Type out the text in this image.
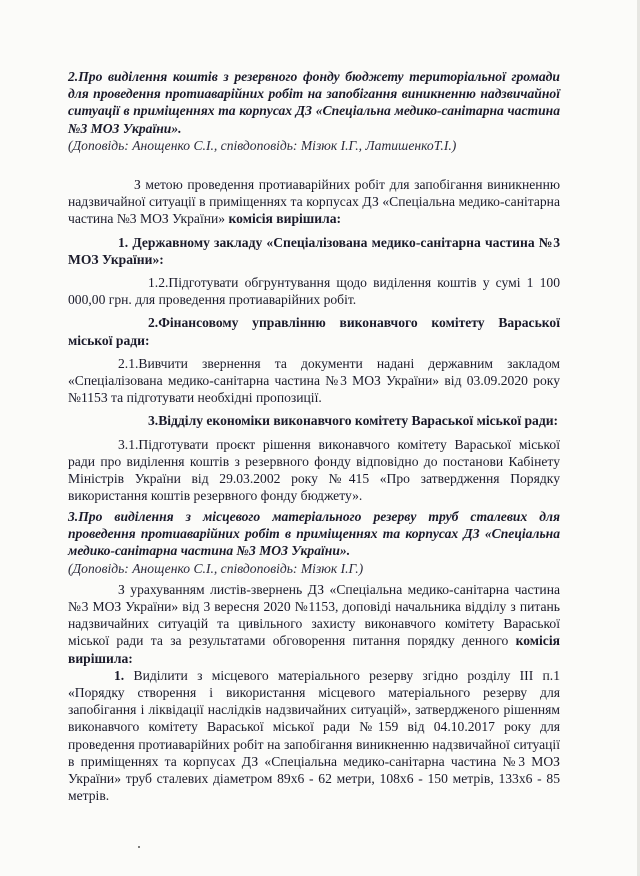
2.Про виділення коштів з резервного фонду бюджету територіальної громади для проведення протиаварійних робіт на запобігання виникненню надзвичайної ситуації в приміщеннях та корпусах ДЗ «Спеціальна медико-санітарна частина №3 МОЗ України».

(Доповідь: Анощенко С.І., співдоповідь: Мізюк І.Г., ЛатишенкоТ.І.)

З метою проведення протиаварійних робіт для запобігання виникненню надзвичайної ситуації в приміщеннях та корпусах ДЗ «Спеціальна медико-санітарна частина №3 МОЗ України» комісія вирішила:

1. Державному закладу «Спеціалізована медико-санітарна частина №3 МОЗ України»:

1.2.Підготувати обгрунтування щодо виділення коштів у сумі 1 100 000,00 грн. для проведення протиаварійних робіт.

2.Фінансовому управлінню виконавчого комітету Вараської міської ради:

2.1.Вивчити звернення та документи надані державним закладом «Спеціалізована медико-санітарна частина №3 МОЗ України» від 03.09.2020 року №1153 та підготувати необхідні пропозиції.

3.Відділу економіки виконавчого комітету Вараської міської ради:

3.1.Підготувати проєкт рішення виконавчого комітету Вараської міської ради про виділення коштів з резервного фонду відповідно до постанови Кабінету Міністрів України від 29.03.2002 року №415 «Про затвердження Порядку використання коштів резервного фонду бюджету».

3.Про виділення з місцевого матеріального резерву труб сталевих для проведення протиаварійних робіт в приміщеннях та корпусах ДЗ «Спеціальна медико-санітарна частина №3 МОЗ України».

(Доповідь: Анощенко С.І., співдоповідь: Мізюк І.Г.)

З урахуванням листів-звернень ДЗ «Спеціальна медико-санітарна частина №3 МОЗ України» від 3 вересня 2020 №1153, доповіді начальника відділу з питань надзвичайних ситуацій та цивільного захисту виконавчого комітету Вараської міської ради та за результатами обговорення питання порядку денного комісія вирішила:

1. Виділити з місцевого матеріального резерву згідно розділу ІІІ п.1 «Порядку створення і використання місцевого матеріального резерву для запобігання і ліквідації наслідків надзвичайних ситуацій», затвердженого рішенням виконавчого комітету Вараської міської ради №159 від 04.10.2017 року для проведення протиаварійних робіт на запобігання виникненню надзвичайної ситуації в приміщеннях та корпусах ДЗ «Спеціальна медико-санітарна частина №3 МОЗ України» труб сталевих діаметром 89х6 - 62 метри, 108х6 - 150 метрів, 133х6 - 85 метрів.
